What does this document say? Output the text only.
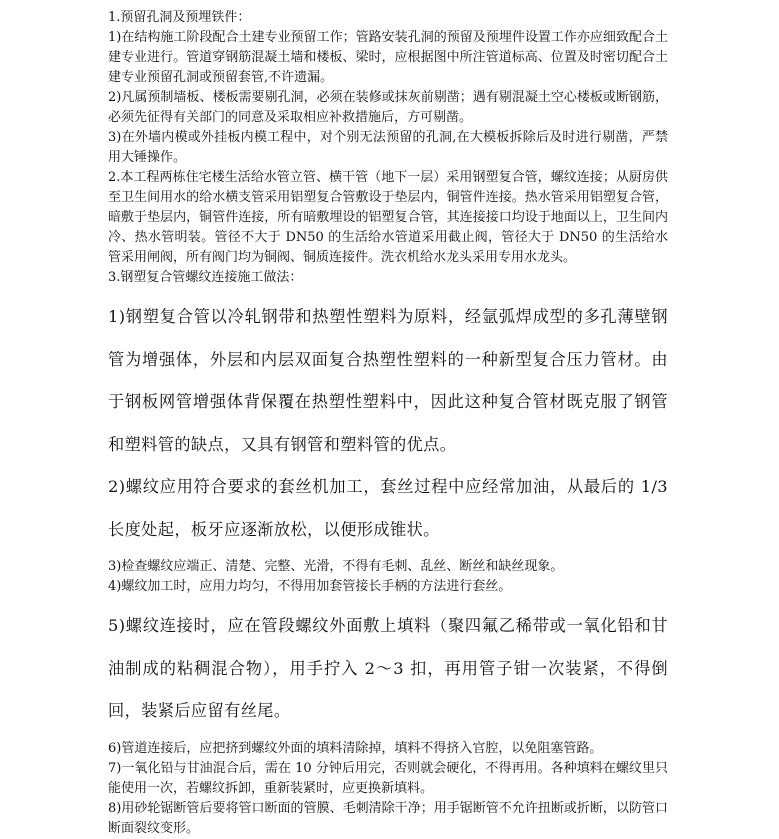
1.预留孔洞及预埋铁件：

1)在结构施工阶段配合土建专业预留工作；管路安装孔洞的预留及预埋件设置工作亦应细致配合土建专业进行。管道穿钢筋混凝土墙和楼板、梁时，应根据图中所注管道标高、位置及时密切配合土建专业预留孔洞或预留套管,不许遗漏。

2)凡属预制墙板、楼板需要剔孔洞，必须在装修或抹灰前剔凿；遇有剔混凝土空心楼板或断钢筋，必须先征得有关部门的同意及采取相应补救措施后，方可剔凿。

3)在外墙内模或外挂板内模工程中，对个别无法预留的孔洞,在大模板拆除后及时进行剔凿，严禁用大锤操作。

2.本工程两栋住宅楼生活给水管立管、横干管（地下一层）采用钢塑复合管，螺纹连接；从厨房供至卫生间用水的给水横支管采用铝塑复合管敷设于垫层内，铜管件连接。热水管采用铝塑复合管，暗敷于垫层内，铜管件连接，所有暗敷埋设的铝塑复合管，其连接接口均设于地面以上，卫生间内冷、热水管明装。管径不大于 DN50 的生活给水管道采用截止阀，管径大于 DN50 的生活给水管采用闸阀，所有阀门均为铜阀、铜质连接件。洗衣机给水龙头采用专用水龙头。

3.钢塑复合管螺纹连接施工做法：

1)钢塑复合管以冷轧钢带和热塑性塑料为原料，经氩弧焊成型的多孔薄壁钢管为增强体，外层和内层双面复合热塑性塑料的一种新型复合压力管材。由于钢板网管增强体背保覆在热塑性塑料中，因此这种复合管材既克服了钢管和塑料管的缺点，又具有钢管和塑料管的优点。

2)螺纹应用符合要求的套丝机加工，套丝过程中应经常加油，从最后的 1/3 长度处起，板牙应逐渐放松，以便形成锥状。

3)检查螺纹应端正、清楚、完整、光滑，不得有毛刺、乱丝、断丝和缺丝现象。

4)螺纹加工时，应用力均匀，不得用加套管接长手柄的方法进行套丝。

5)螺纹连接时，应在管段螺纹外面敷上填料（聚四氟乙稀带或一氧化铅和甘油制成的粘稠混合物），用手拧入 2～3 扣，再用管子钳一次装紧，不得倒回，装紧后应留有丝尾。

6)管道连接后，应把挤到螺纹外面的填料清除掉，填料不得挤入官腔，以免阻塞管路。

7)一氧化铅与甘油混合后，需在 10 分钟后用完，否则就会硬化，不得再用。各种填料在螺纹里只能使用一次，若螺纹拆卸，重新装紧时，应更换新填料。

8)用砂轮锯断管后要将管口断面的管膜、毛刺清除干净；用手锯断管不允许扭断或折断，以防管口断面裂纹变形。
